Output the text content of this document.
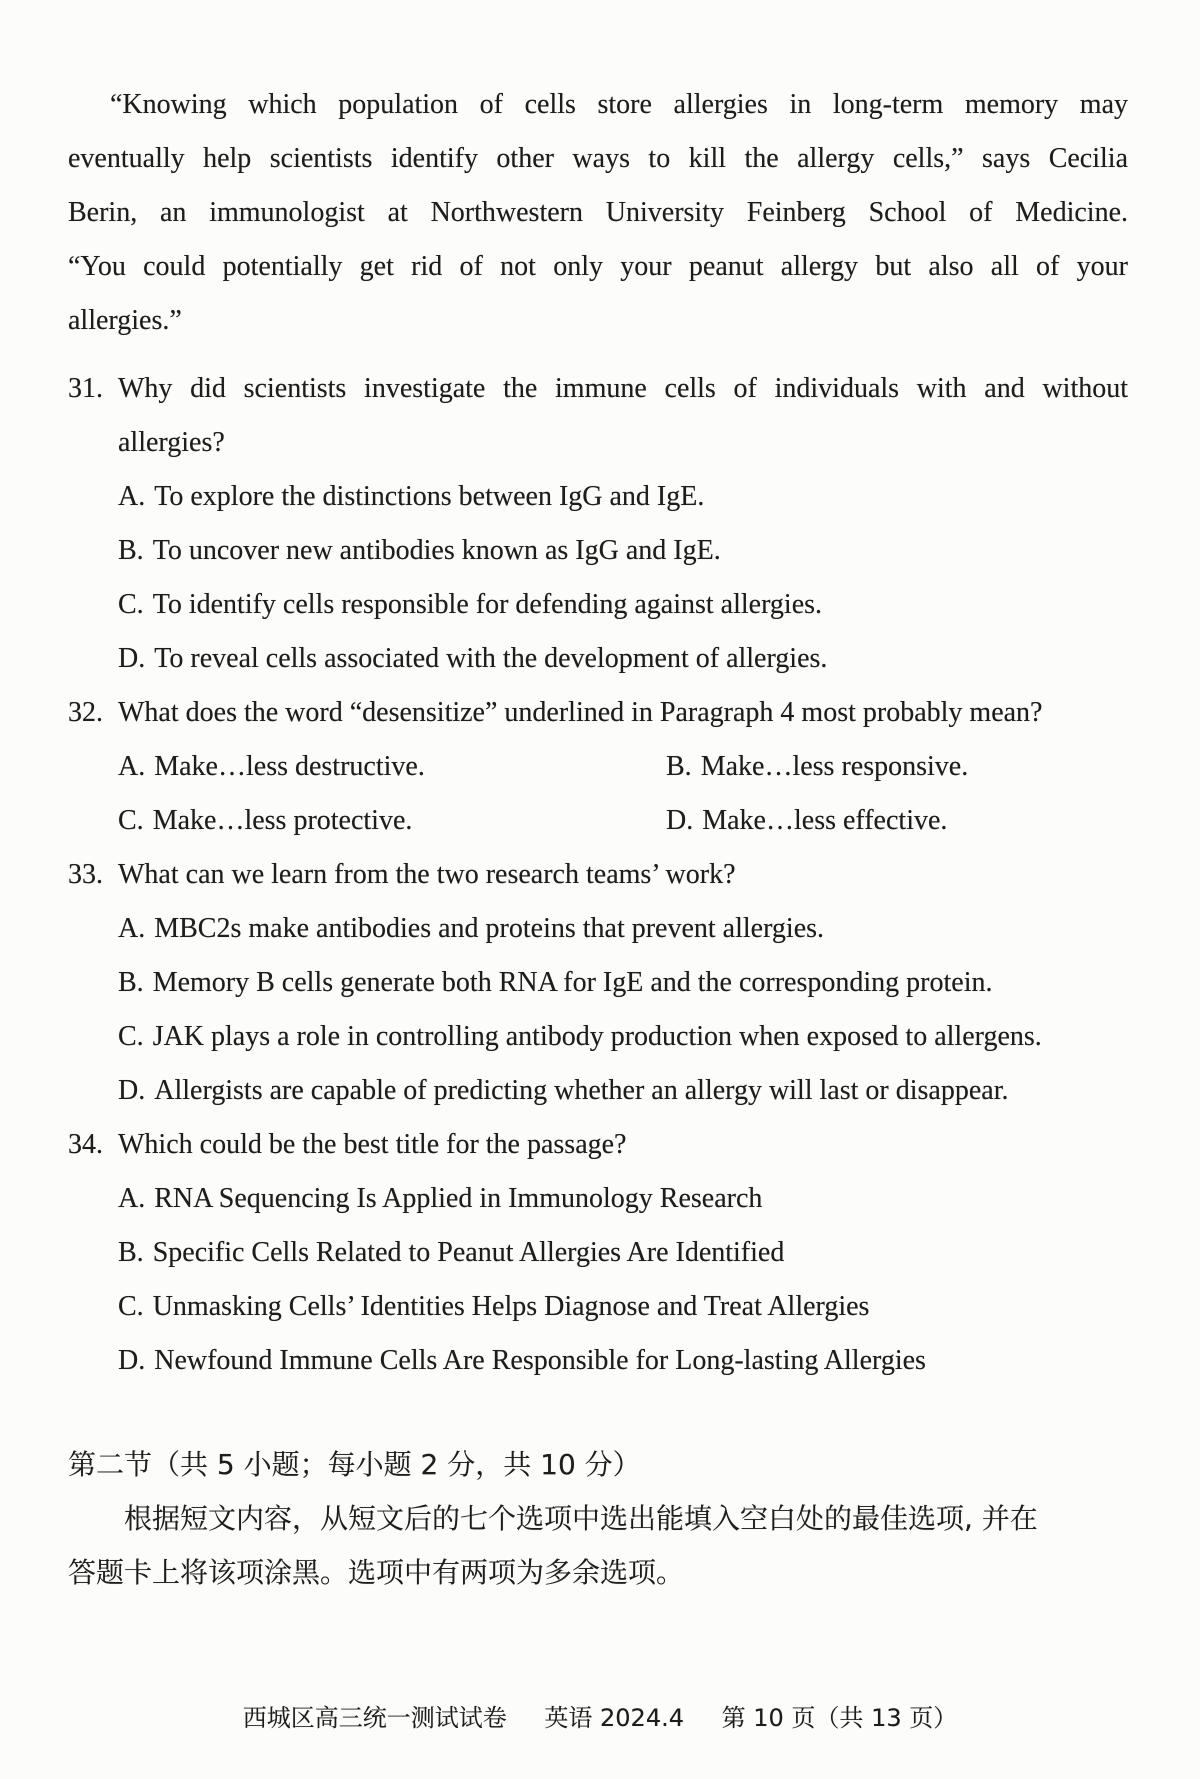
“Knowing which population of cells store allergies in long-term memory may
eventually help scientists identify other ways to kill the allergy cells,” says Cecilia
Berin, an immunologist at Northwestern University Feinberg School of Medicine.
“You could potentially get rid of not only your peanut allergy but also all of your
allergies.”
31. Why did scientists investigate the immune cells of individuals with and without
allergies?
A. To explore the distinctions between IgG and IgE.
B. To uncover new antibodies known as IgG and IgE.
C. To identify cells responsible for defending against allergies.
D. To reveal cells associated with the development of allergies.
32. What does the word “desensitize” underlined in Paragraph 4 most probably mean?
A. Make…less destructive.	B. Make…less responsive.
C. Make…less protective.	D. Make…less effective.
33. What can we learn from the two research teams’ work?
A. MBC2s make antibodies and proteins that prevent allergies.
B. Memory B cells generate both RNA for IgE and the corresponding protein.
C. JAK plays a role in controlling antibody production when exposed to allergens.
D. Allergists are capable of predicting whether an allergy will last or disappear.
34. Which could be the best title for the passage?
A. RNA Sequencing Is Applied in Immunology Research
B. Specific Cells Related to Peanut Allergies Are Identified
C. Unmasking Cells’ Identities Helps Diagnose and Treat Allergies
D. Newfound Immune Cells Are Responsible for Long-lasting Allergies
第二节（共 5 小题；每小题 2 分，共 10 分）
根据短文内容，从短文后的七个选项中选出能填入空白处的最佳选项, 并在
答题卡上将该项涂黑。选项中有两项为多余选项。
西城区高三统一测试试卷 英语 2024.4 第 10 页（共 13 页）
